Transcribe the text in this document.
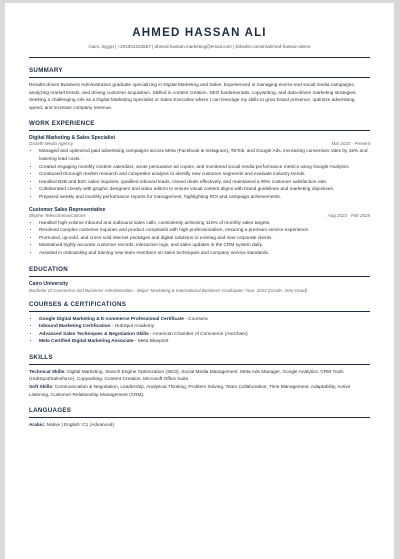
AHMED HASSAN ALI
Cairo, Egypt | +201001234567 | ahmed.hassan.marketing@email.com | linkedin.com/in/ahmed-hassan-demo
SUMMARY
Results-driven Business Administration graduate specializing in Digital Marketing and Sales. Experienced in managing end-to-end social media campaigns, analyzing market trends, and driving customer acquisition. Skilled in content creation, SEO fundamentals, copywriting, and data-driven marketing strategies. Seeking a challenging role as a Digital Marketing Specialist or Sales Executive where I can leverage my skills to grow brand presence, optimize advertising spend, and increase company revenue.
WORK EXPERIENCE
Digital Marketing & Sales Specialist
Growth Media Agency	Mar 2025 - Present
• Managed and optimized paid advertising campaigns across Meta (Facebook & Instagram), TikTok, and Google Ads, increasing conversion rates by 15% and lowering lead costs.
• Created engaging monthly content calendars, wrote persuasive ad copies, and monitored social media performance metrics using Google Analytics.
• Conducted thorough market research and competitor analysis to identify new customer segments and evaluate industry trends.
• Handled B2B and B2C sales inquiries, qualified inbound leads, closed deals effectively, and maintained a 90% customer satisfaction rate.
• Collaborated closely with graphic designers and video editors to ensure visual content aligns with brand guidelines and marketing objectives.
• Prepared weekly and monthly performance reports for management, highlighting ROI and campaign achievements.
Customer Sales Representative
Skyline Telecommunications	Aug 2023 - Feb 2025
• Handled high-volume inbound and outbound sales calls, consistently achieving 110% of monthly sales targets.
• Resolved complex customer inquiries and product complaints with high professionalism, ensuring a premium service experience.
• Promoted, up-sold, and cross-sold internet packages and digital solutions to existing and new corporate clients.
• Maintained highly accurate customer records, interaction logs, and sales updates in the CRM system daily.
• Assisted in onboarding and training new team members on sales techniques and company service standards.
EDUCATION
Cairo University
Bachelor of Commerce and Business Administration - Major: Marketing & International Business Graduation Year: 2023 (Grade: Very Good)
COURSES & CERTIFICATIONS
• Google Digital Marketing & E-commerce Professional Certificate - Coursera
• Inbound Marketing Certification - HubSpot Academy
• Advanced Sales Techniques & Negotiation Skills - American Chamber of Commerce (AmCham)
• Meta Certified Digital Marketing Associate - Meta Blueprint
SKILLS
Technical Skills: Digital Marketing, Search Engine Optimization (SEO), Social Media Management, Meta Ads Manager, Google Analytics, CRM Tools (HubSpot/Salesforce), Copywriting, Content Creation, Microsoft Office Suite.
Soft Skills: Communication & Negotiation, Leadership, Analytical Thinking, Problem Solving, Team Collaboration, Time Management, Adaptability, Active Listening, Customer Relationship Management (CRM).
LANGUAGES
Arabic: Native | English: C1 (Advanced)
